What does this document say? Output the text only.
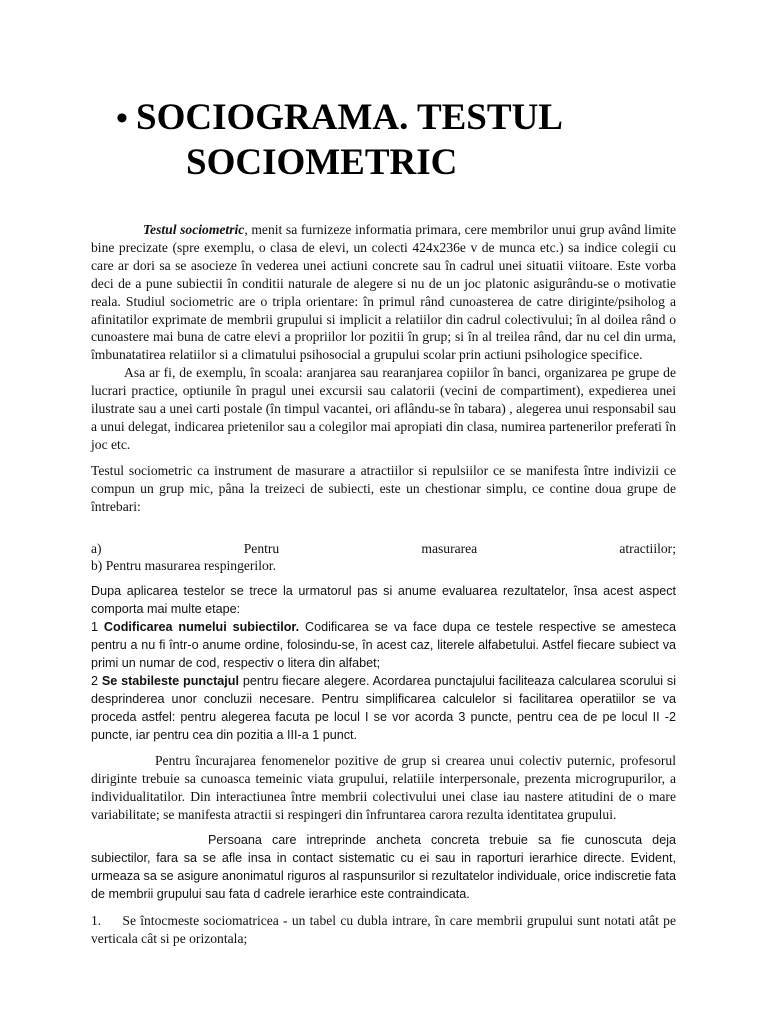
• SOCIOGRAMA. TESTUL
SOCIOMETRIC

Testul sociometric, menit sa furnizeze informatia primara, cere membrilor unui grup având limite bine precizate (spre exemplu, o clasa de elevi, un colecti 424x236e v de munca etc.) sa indice colegii cu care ar dori sa se asocieze în vederea unei actiuni concrete sau în cadrul unei situatii viitoare. Este vorba deci de a pune subiectii în conditii naturale de alegere si nu de un joc platonic asigurându-se o motivatie reala. Studiul sociometric are o tripla orientare: în primul rând cunoasterea de catre diriginte/psiholog a afinitatilor exprimate de membrii grupului si implicit a relatiilor din cadrul colectivului; în al doilea rând o cunoastere mai buna de catre elevi a propriilor lor pozitii în grup; si în al treilea rând, dar nu cel din urma, îmbunatatirea relatiilor si a climatului psihosocial a grupului scolar prin actiuni psihologice specifice.

Asa ar fi, de exemplu, în scoala: aranjarea sau rearanjarea copiilor în banci, organizarea pe grupe de lucrari practice, optiunile în pragul unei excursii sau calatorii (vecini de compartiment), expedierea unei ilustrate sau a unei carti postale (în timpul vacantei, ori aflându-se în tabara) , alegerea unui responsabil sau a unui delegat, indicarea prietenilor sau a colegilor mai apropiati din clasa, numirea partenerilor preferati în joc etc.

Testul sociometric ca instrument de masurare a atractiilor si repulsiilor ce se manifesta între indivizii ce compun un grup mic, pâna la treizeci de subiecti, este un chestionar simplu, ce contine doua grupe de întrebari:

a) Pentru masurarea atractiilor;

b) Pentru masurarea respingerilor.

Dupa aplicarea testelor se trece la urmatorul pas si anume evaluarea rezultatelor, însa acest aspect comporta mai multe etape:
1 Codificarea numelui subiectilor. Codificarea se va face dupa ce testele respective se amesteca pentru a nu fi într-o anume ordine, folosindu-se, în acest caz, literele alfabetului. Astfel fiecare subiect va primi un numar de cod, respectiv o litera din alfabet;
2 Se stabileste punctajul pentru fiecare alegere. Acordarea punctajului faciliteaza calcularea scorului si desprinderea unor concluzii necesare. Pentru simplificarea calculelor si facilitarea operatiilor se va proceda astfel: pentru alegerea facuta pe locul I se vor acorda 3 puncte, pentru cea de pe locul II -2 puncte, iar pentru cea din pozitia a III-a 1 punct.

Pentru încurajarea fenomenelor pozitive de grup si crearea unui colectiv puternic, profesorul diriginte trebuie sa cunoasca temeinic viata grupului, relatiile interpersonale, prezenta microgrupurilor, a individualitatilor. Din interactiunea între membrii colectivului unei clase iau nastere atitudini de o mare variabilitate; se manifesta atractii si respingeri din înfruntarea carora rezulta identitatea grupului.

Persoana care intreprinde ancheta concreta trebuie sa fie cunoscuta deja subiectilor, fara sa se afle insa in contact sistematic cu ei sau in raporturi ierarhice directe. Evident, urmeaza sa se asigure anonimatul riguros al raspunsurilor si rezultatelor individuale, orice indiscretie fata de membrii grupului sau fata d cadrele ierarhice este contraindicata.

1.     Se întocmeste sociomatricea - un tabel cu dubla intrare, în care membrii grupului sunt notati atât pe verticala cât si pe orizontala;
